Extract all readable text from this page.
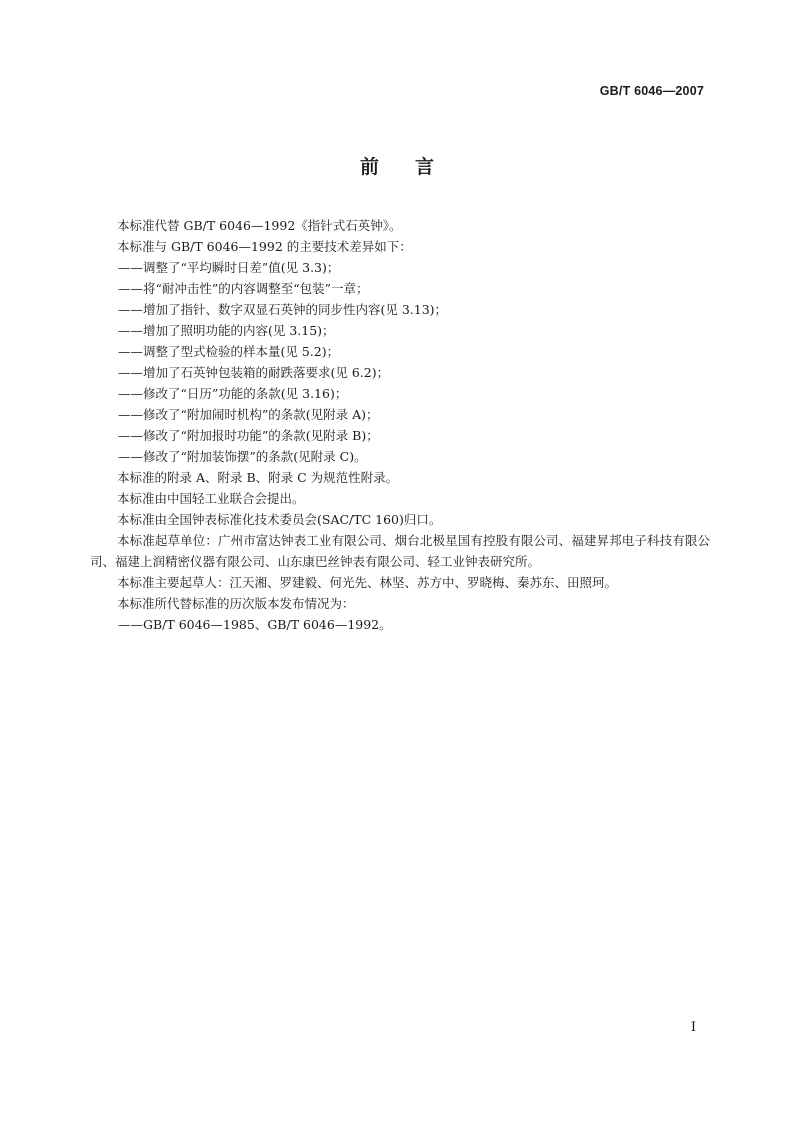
GB/T 6046—2007
前言

本标准代替 GB/T 6046—1992《指针式石英钟》。

本标准与 GB/T 6046—1992 的主要技术差异如下：

——调整了“平均瞬时日差”值(见 3.3)；

——将“耐冲击性”的内容调整至“包装”一章；

——增加了指针、数字双显石英钟的同步性内容(见 3.13)；

——增加了照明功能的内容(见 3.15)；

——调整了型式检验的样本量(见 5.2)；

——增加了石英钟包装箱的耐跌落要求(见 6.2)；

——修改了“日历”功能的条款(见 3.16)；

——修改了“附加闹时机构”的条款(见附录 A)；

——修改了“附加报时功能”的条款(见附录 B)；

——修改了“附加装饰摆”的条款(见附录 C)。

本标准的附录 A、附录 B、附录 C 为规范性附录。

本标准由中国轻工业联合会提出。

本标准由全国钟表标准化技术委员会(SAC/TC 160)归口。

本标准起草单位：广州市富达钟表工业有限公司、烟台北极星国有控股有限公司、福建昇邦电子科技有限公司、福建上润精密仪器有限公司、山东康巴丝钟表有限公司、轻工业钟表研究所。

本标准主要起草人：江天湘、罗建毅、何光先、林坚、苏方中、罗晓梅、秦苏东、田照珂。

本标准所代替标准的历次版本发布情况为：

——GB/T 6046—1985、GB/T 6046—1992。

I
